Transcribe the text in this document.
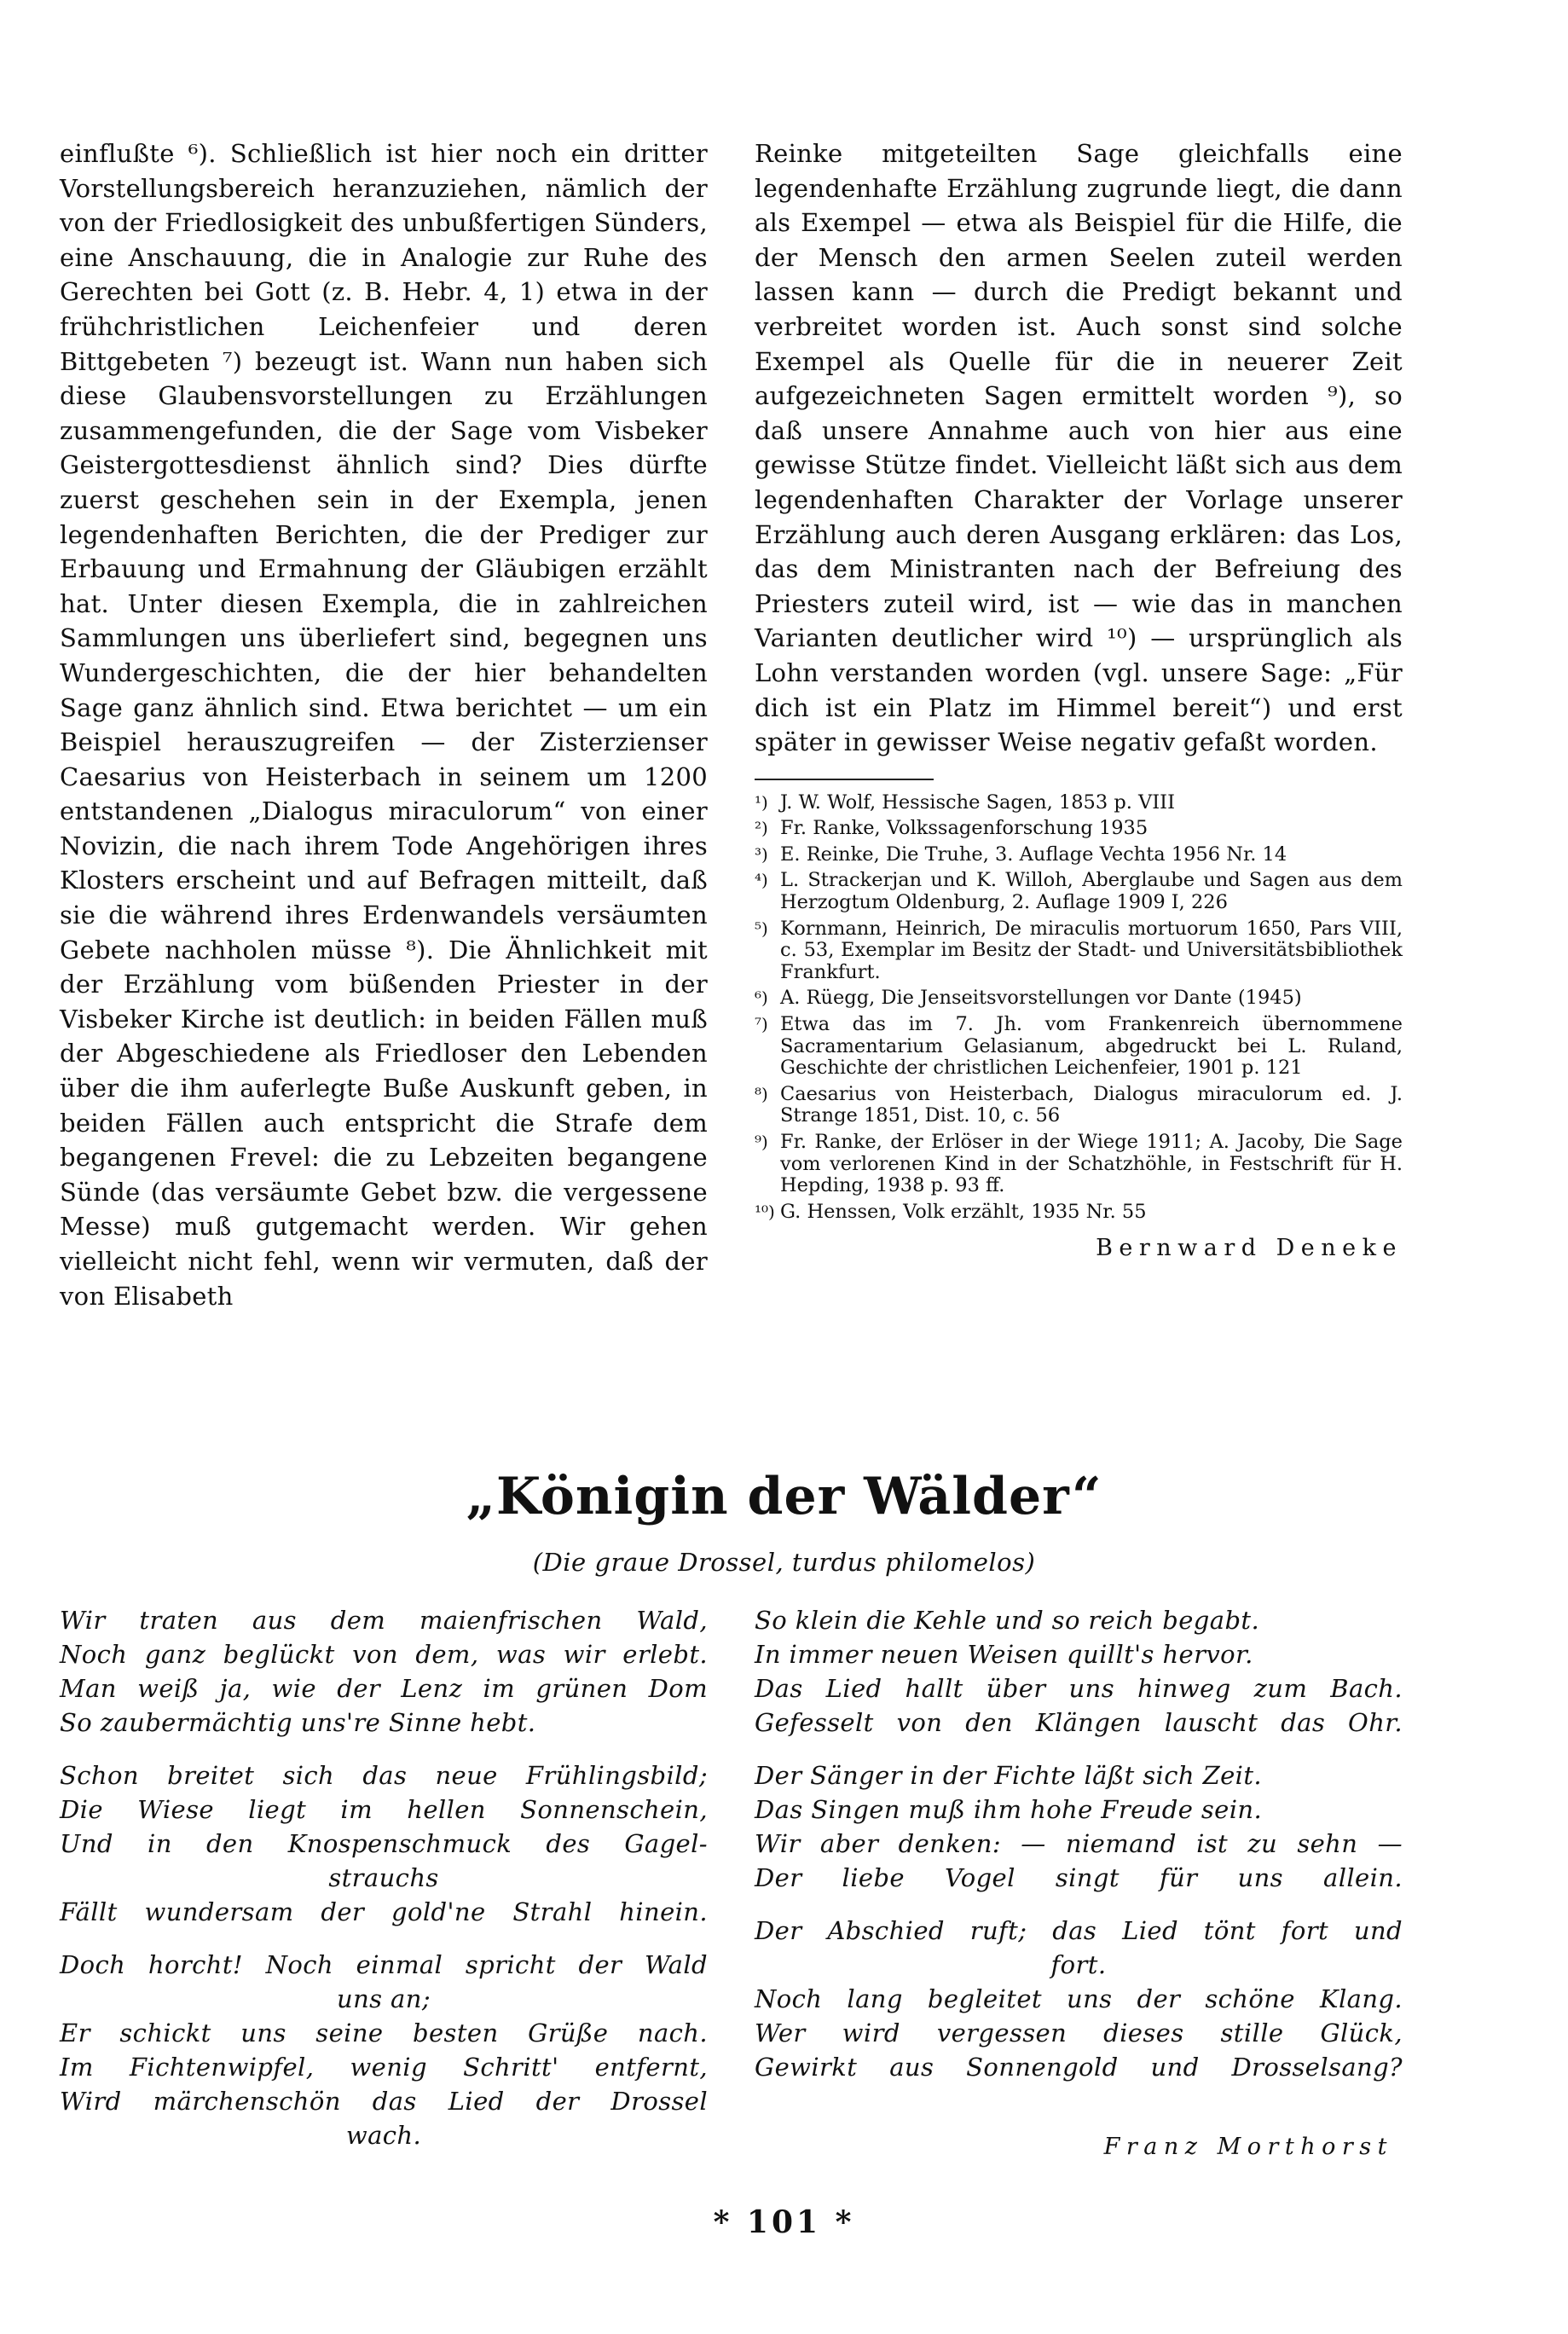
einflußte ⁶). Schließlich ist hier noch ein dritter Vorstellungsbereich heranzuziehen, nämlich der von der Friedlosigkeit des unbußfertigen Sünders, eine Anschauung, die in Analogie zur Ruhe des Gerechten bei Gott (z. B. Hebr. 4, 1) etwa in der frühchristlichen Leichenfeier und deren Bittgebeten ⁷) bezeugt ist. Wann nun haben sich diese Glaubensvorstellungen zu Erzählungen zusammengefunden, die der Sage vom Visbeker Geistergottesdienst ähnlich sind? Dies dürfte zuerst geschehen sein in der Exempla, jenen legendenhaften Berichten, die der Prediger zur Erbauung und Ermahnung der Gläubigen erzählt hat. Unter diesen Exempla, die in zahlreichen Sammlungen uns überliefert sind, begegnen uns Wundergeschichten, die der hier behandelten Sage ganz ähnlich sind. Etwa berichtet — um ein Beispiel herauszugreifen — der Zisterzienser Caesarius von Heisterbach in seinem um 1200 entstandenen „Dialogus miraculorum“ von einer Novizin, die nach ihrem Tode Angehörigen ihres Klosters erscheint und auf Befragen mitteilt, daß sie die während ihres Erdenwandels versäumten Gebete nachholen müsse ⁸). Die Ähnlichkeit mit der Erzählung vom büßenden Priester in der Visbeker Kirche ist deutlich: in beiden Fällen muß der Abgeschiedene als Friedloser den Lebenden über die ihm auferlegte Buße Auskunft geben, in beiden Fällen auch entspricht die Strafe dem begangenen Frevel: die zu Lebzeiten begangene Sünde (das versäumte Gebet bzw. die vergessene Messe) muß gutgemacht werden. Wir gehen vielleicht nicht fehl, wenn wir vermuten, daß der von Elisabeth

Reinke mitgeteilten Sage gleichfalls eine legendenhafte Erzählung zugrunde liegt, die dann als Exempel — etwa als Beispiel für die Hilfe, die der Mensch den armen Seelen zuteil werden lassen kann — durch die Predigt bekannt und verbreitet worden ist. Auch sonst sind solche Exempel als Quelle für die in neuerer Zeit aufgezeichneten Sagen ermittelt worden ⁹), so daß unsere Annahme auch von hier aus eine gewisse Stütze findet. Vielleicht läßt sich aus dem legendenhaften Charakter der Vorlage unserer Erzählung auch deren Ausgang erklären: das Los, das dem Ministranten nach der Befreiung des Priesters zuteil wird, ist — wie das in manchen Varianten deutlicher wird ¹⁰) — ursprünglich als Lohn verstanden worden (vgl. unsere Sage: „Für dich ist ein Platz im Himmel bereit“) und erst später in gewisser Weise negativ gefaßt worden.

¹) J. W. Wolf, Hessische Sagen, 1853 p. VIII
²) Fr. Ranke, Volkssagenforschung 1935
³) E. Reinke, Die Truhe, 3. Auflage Vechta 1956 Nr. 14
⁴) L. Strackerjan und K. Willoh, Aberglaube und Sagen aus dem Herzogtum Oldenburg, 2. Auflage 1909 I, 226
⁵) Kornmann, Heinrich, De miraculis mortuorum 1650, Pars VIII, c. 53, Exemplar im Besitz der Stadt- und Universitätsbibliothek Frankfurt.
⁶) A. Rüegg, Die Jenseitsvorstellungen vor Dante (1945)
⁷) Etwa das im 7. Jh. vom Frankenreich übernommene Sacramentarium Gelasianum, abgedruckt bei L. Ruland, Geschichte der christlichen Leichenfeier, 1901 p. 121
⁸) Caesarius von Heisterbach, Dialogus miraculorum ed. J. Strange 1851, Dist. 10, c. 56
⁹) Fr. Ranke, der Erlöser in der Wiege 1911; A. Jacoby, Die Sage vom verlorenen Kind in der Schatzhöhle, in Festschrift für H. Hepding, 1938 p. 93 ff.
¹⁰) G. Henssen, Volk erzählt, 1935 Nr. 55
Bernward Deneke
„Königin der Wälder“

(Die graue Drossel, turdus philomelos)

Wir traten aus dem maienfrischen Wald,
Noch ganz beglückt von dem, was wir erlebt.
Man weiß ja, wie der Lenz im grünen Dom
So zaubermächtig uns're Sinne hebt.
Schon breitet sich das neue Frühlingsbild;
Die Wiese liegt im hellen Sonnenschein,
Und in den Knospenschmuck des Gagel-
strauchs
Fällt wundersam der gold'ne Strahl hinein.
Doch horcht! Noch einmal spricht der Wald
uns an;
Er schickt uns seine besten Grüße nach.
Im Fichtenwipfel, wenig Schritt' entfernt,
Wird märchenschön das Lied der Drossel
wach.
So klein die Kehle und so reich begabt.
In immer neuen Weisen quillt's hervor.
Das Lied hallt über uns hinweg zum Bach.
Gefesselt von den Klängen lauscht das Ohr.
Der Sänger in der Fichte läßt sich Zeit.
Das Singen muß ihm hohe Freude sein.
Wir aber denken: — niemand ist zu sehn —
Der liebe Vogel singt für uns allein.
Der Abschied ruft; das Lied tönt fort und
fort.
Noch lang begleitet uns der schöne Klang.
Wer wird vergessen dieses stille Glück,
Gewirkt aus Sonnengold und Drosselsang?
Franz Morthorst
* 101 *
